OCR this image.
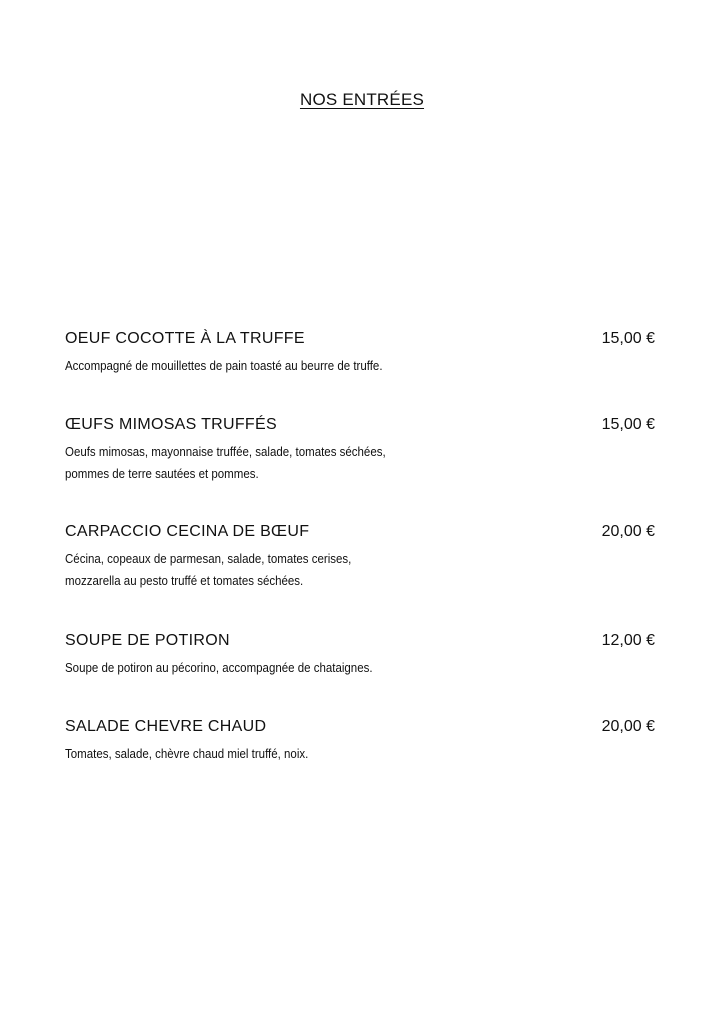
NOS ENTRÉES
OEUF COCOTTE À LA TRUFFE	15,00 €
Accompagné de mouillettes de pain toasté au beurre de truffe.
ŒUFS MIMOSAS TRUFFÉS	15,00 €
Oeufs mimosas, mayonnaise truffée, salade, tomates séchées,
pommes de terre sautées et pommes.
CARPACCIO CECINA DE BŒUF	20,00 €
Cécina, copeaux de parmesan, salade, tomates cerises,
mozzarella au pesto truffé et tomates séchées.
SOUPE DE POTIRON	12,00 €
Soupe de potiron au pécorino, accompagnée de chataignes.
SALADE CHEVRE CHAUD	20,00 €
Tomates, salade, chèvre chaud miel truffé, noix.
